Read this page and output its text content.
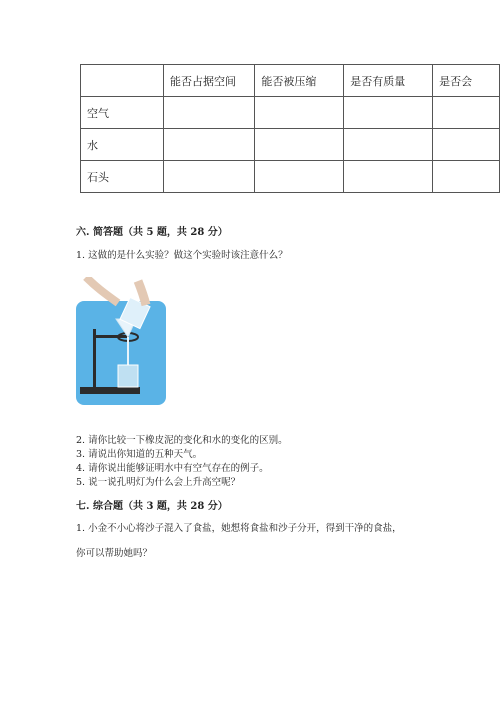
	能否占据空间	能否被压缩	是否有质量	是否会
空气				
水				
石头				
六. 简答题（共 5 题，共 28 分）
1. 这做的是什么实验？做这个实验时该注意什么？
2. 请你比较一下橡皮泥的变化和水的变化的区别。
3. 请说出你知道的五种天气。
4. 请你说出能够证明水中有空气存在的例子。
5. 说一说孔明灯为什么会上升高空呢？
七. 综合题（共 3 题，共 28 分）
1. 小金不小心将沙子混入了食盐，她想将食盐和沙子分开，得到干净的食盐，
你可以帮助她吗？
